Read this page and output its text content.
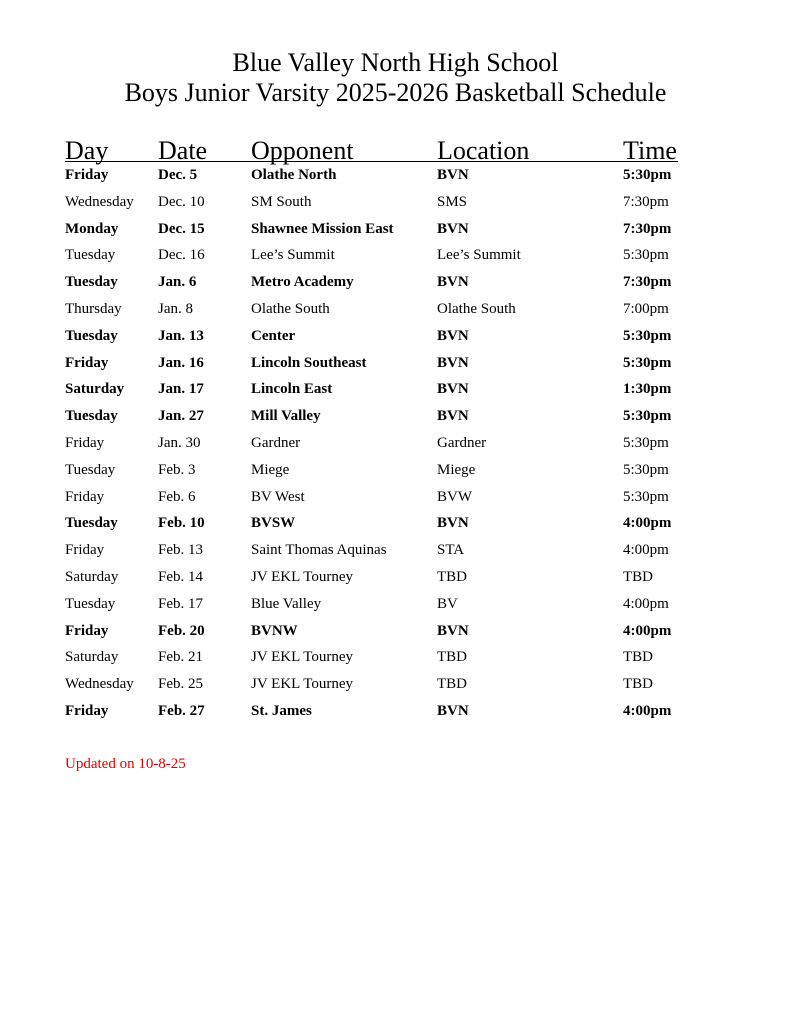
Blue Valley North High School
Boys Junior Varsity 2025-2026 Basketball Schedule
Day Date Opponent	Location	Time
Friday	Dec. 5	Olathe North	BVN	5:30pm
Wednesday Dec. 10	SM South	SMS	7:30pm
Monday	Dec. 15	Shawnee Mission East	BVN	7:30pm
Tuesday	Dec. 16	Lee’s Summit	Lee’s Summit	5:30pm
Tuesday	Jan. 6	Metro Academy	BVN	7:30pm
Thursday Jan. 8	Olathe South	Olathe South	7:00pm
Tuesday	Jan. 13	Center	BVN	5:30pm
Friday	Jan. 16	Lincoln Southeast	BVN	5:30pm
Saturday Jan. 17	Lincoln East	BVN	1:30pm
Tuesday	Jan. 27	Mill Valley	BVN	5:30pm
Friday	Jan. 30	Gardner	Gardner	5:30pm
Tuesday	Feb. 3	Miege	Miege	5:30pm
Friday	Feb. 6	BV West	BVW	5:30pm
Tuesday	Feb. 10	BVSW	BVN	4:00pm
Friday	Feb. 13	Saint Thomas Aquinas	STA	4:00pm
Saturday	Feb. 14	JV EKL Tourney	TBD	TBD
Tuesday	Feb. 17	Blue Valley	BV	4:00pm
Friday	Feb. 20	BVNW	BVN	4:00pm
Saturday	Feb. 21	JV EKL Tourney	TBD	TBD
Wednesday Feb. 25	JV EKL Tourney	TBD	TBD
Friday	Feb. 27	St. James	BVN	4:00pm
Updated on 10-8-25
